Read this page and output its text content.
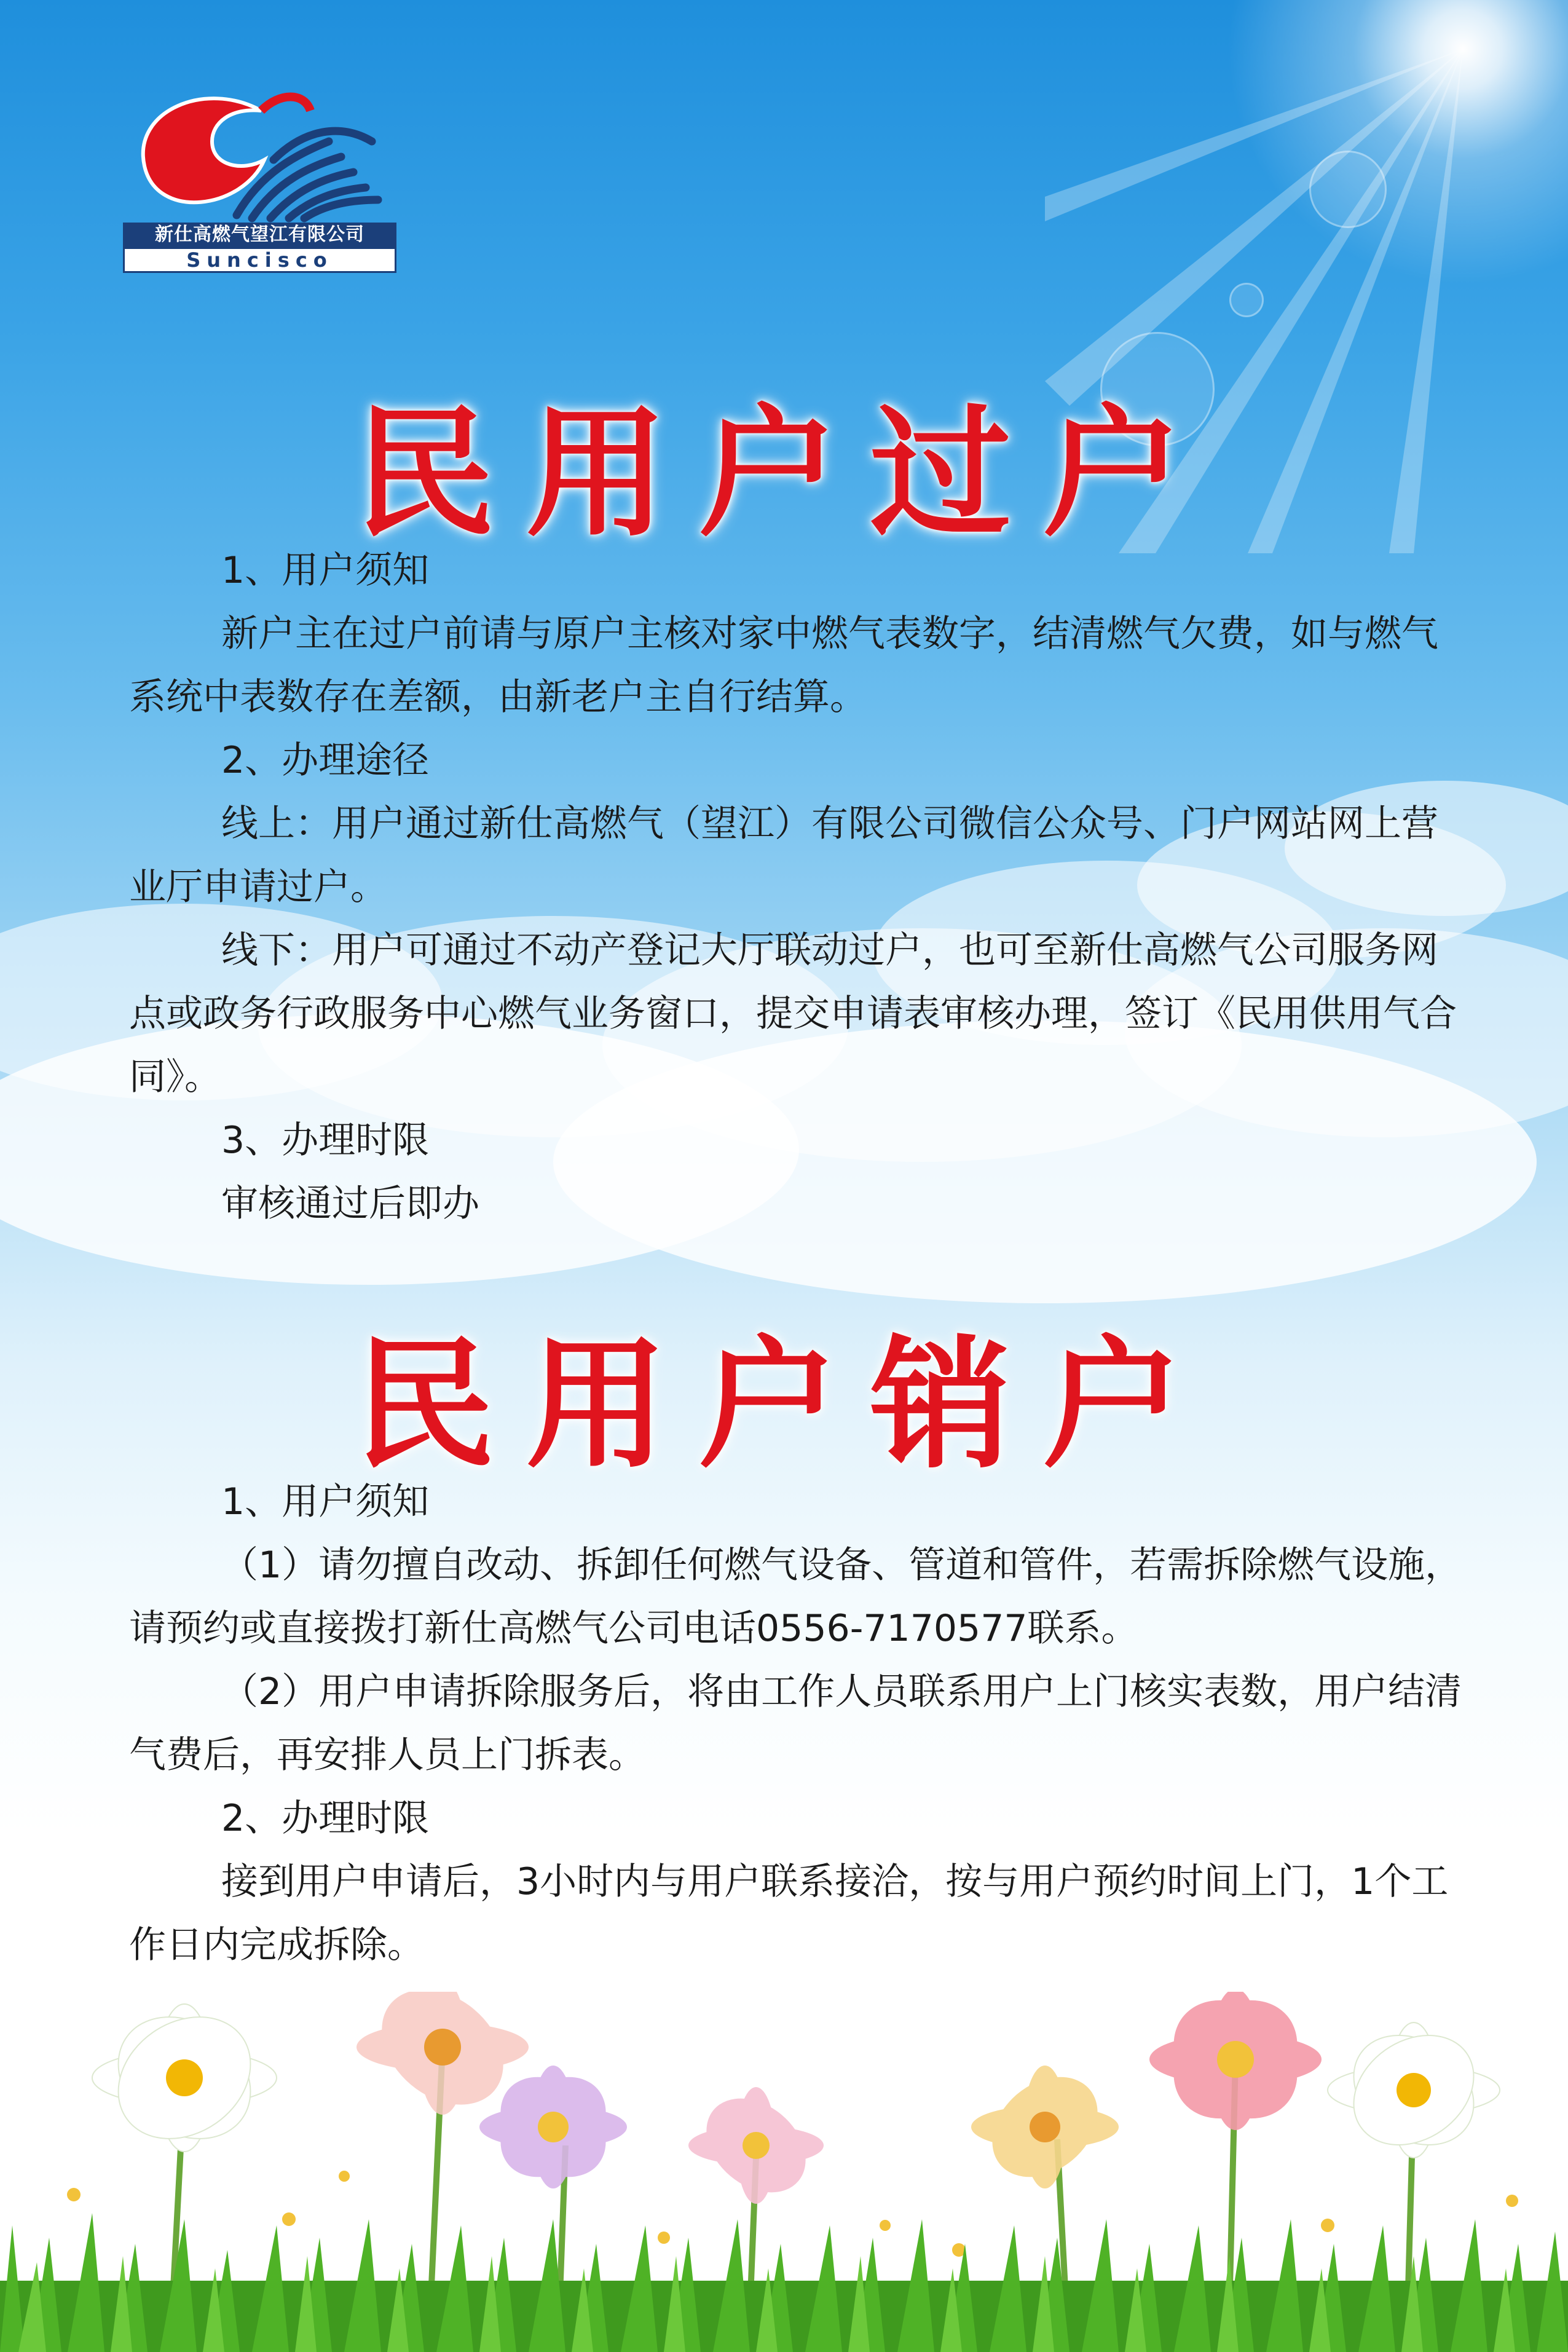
新仕高燃气望江有限公司
Suncisco
民用户过户

1、用户须知

新户主在过户前请与原户主核对家中燃气表数字，结清燃气欠费，如与燃气系统中表数存在差额，由新老户主自行结算。

2、办理途径

线上：用户通过新仕高燃气（望江）有限公司微信公众号、门户网站网上营业厅申请过户。

线下：用户可通过不动产登记大厅联动过户，也可至新仕高燃气公司服务网点或政务行政服务中心燃气业务窗口，提交申请表审核办理，签订《民用供用气合同》。

3、办理时限

审核通过后即办

民用户销户

1、用户须知

（1）请勿擅自改动、拆卸任何燃气设备、管道和管件，若需拆除燃气设施，请预约或直接拨打新仕高燃气公司电话0556-7170577联系。

（2）用户申请拆除服务后，将由工作人员联系用户上门核实表数，用户结清气费后，再安排人员上门拆表。

2、办理时限

接到用户申请后，3小时内与用户联系接洽，按与用户预约时间上门，1个工作日内完成拆除。
